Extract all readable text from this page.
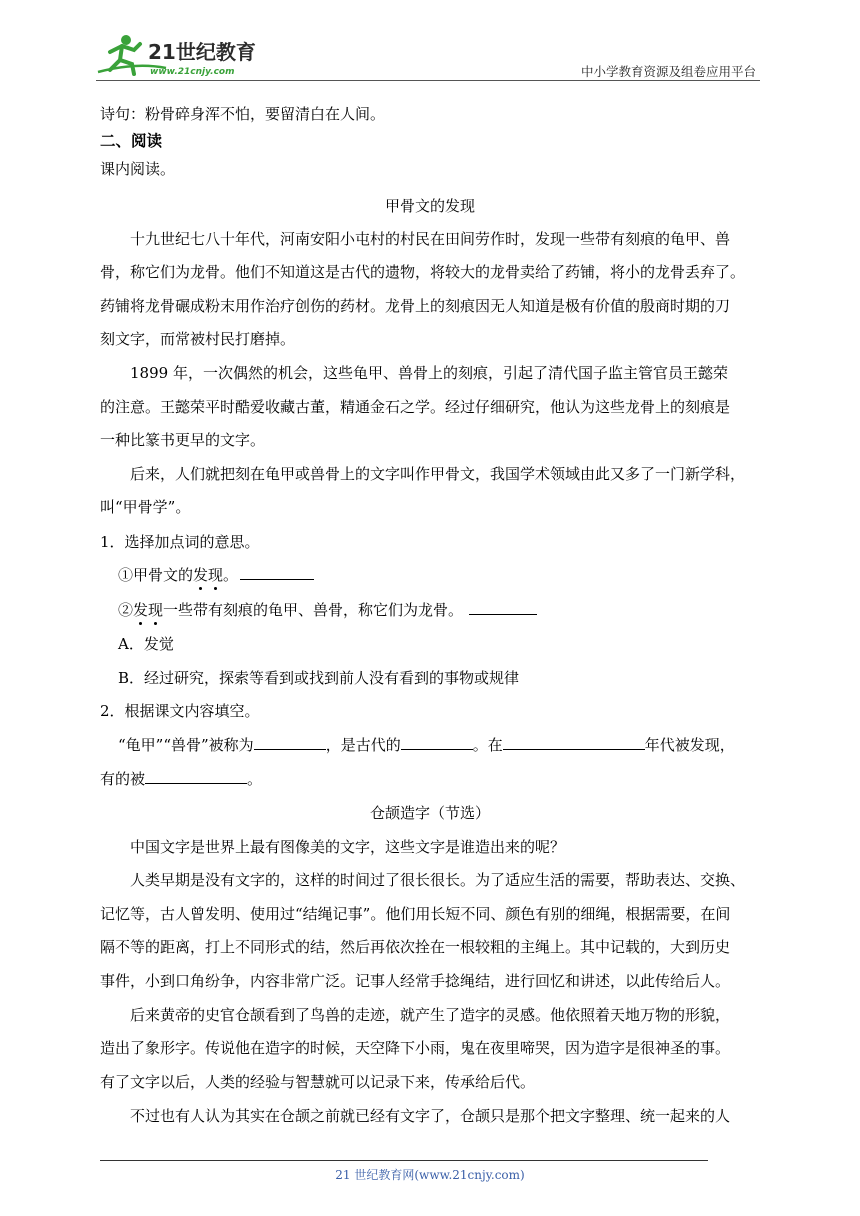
21世纪教育
www.21cnjy.com	中小学教育资源及组卷应用平台
诗句：粉骨碎身浑不怕，要留清白在人间。
二、阅读
课内阅读。
甲骨文的发现
十九世纪七八十年代，河南安阳小屯村的村民在田间劳作时，发现一些带有刻痕的龟甲、兽
骨，称它们为龙骨。他们不知道这是古代的遗物，将较大的龙骨卖给了药铺，将小的龙骨丢弃了。
药铺将龙骨碾成粉末用作治疗创伤的药材。龙骨上的刻痕因无人知道是极有价值的殷商时期的刀
刻文字，而常被村民打磨掉。
1899 年，一次偶然的机会，这些龟甲、兽骨上的刻痕，引起了清代国子监主管官员王懿荣
的注意。王懿荣平时酷爱收藏古董，精通金石之学。经过仔细研究，他认为这些龙骨上的刻痕是
一种比篆书更早的文字。
后来，人们就把刻在龟甲或兽骨上的文字叫作甲骨文，我国学术领域由此又多了一门新学科，
叫“甲骨学”。
1．选择加点词的意思。
①甲骨文的发现。
②发现一些带有刻痕的龟甲、兽骨，称它们为龙骨。
A．发觉
B．经过研究，探索等看到或找到前人没有看到的事物或规律
2．根据课文内容填空。
“龟甲”“兽骨”被称为	，是古代的	。在	年代被发现，
有的被	。
仓颉造字（节选）
中国文字是世界上最有图像美的文字，这些文字是谁造出来的呢？
人类早期是没有文字的，这样的时间过了很长很长。为了适应生活的需要，帮助表达、交换、
记忆等，古人曾发明、使用过“结绳记事”。他们用长短不同、颜色有别的细绳，根据需要，在间
隔不等的距离，打上不同形式的结，然后再依次拴在一根较粗的主绳上。其中记载的，大到历史
事件，小到口角纷争，内容非常广泛。记事人经常手捻绳结，进行回忆和讲述，以此传给后人。
后来黄帝的史官仓颉看到了鸟兽的走迹，就产生了造字的灵感。他依照着天地万物的形貌，
造出了象形字。传说他在造字的时候，天空降下小雨，鬼在夜里啼哭，因为造字是很神圣的事。
有了文字以后，人类的经验与智慧就可以记录下来，传承给后代。
不过也有人认为其实在仓颉之前就已经有文字了，仓颉只是那个把文字整理、统一起来的人
21 世纪教育网(www.21cnjy.com)
